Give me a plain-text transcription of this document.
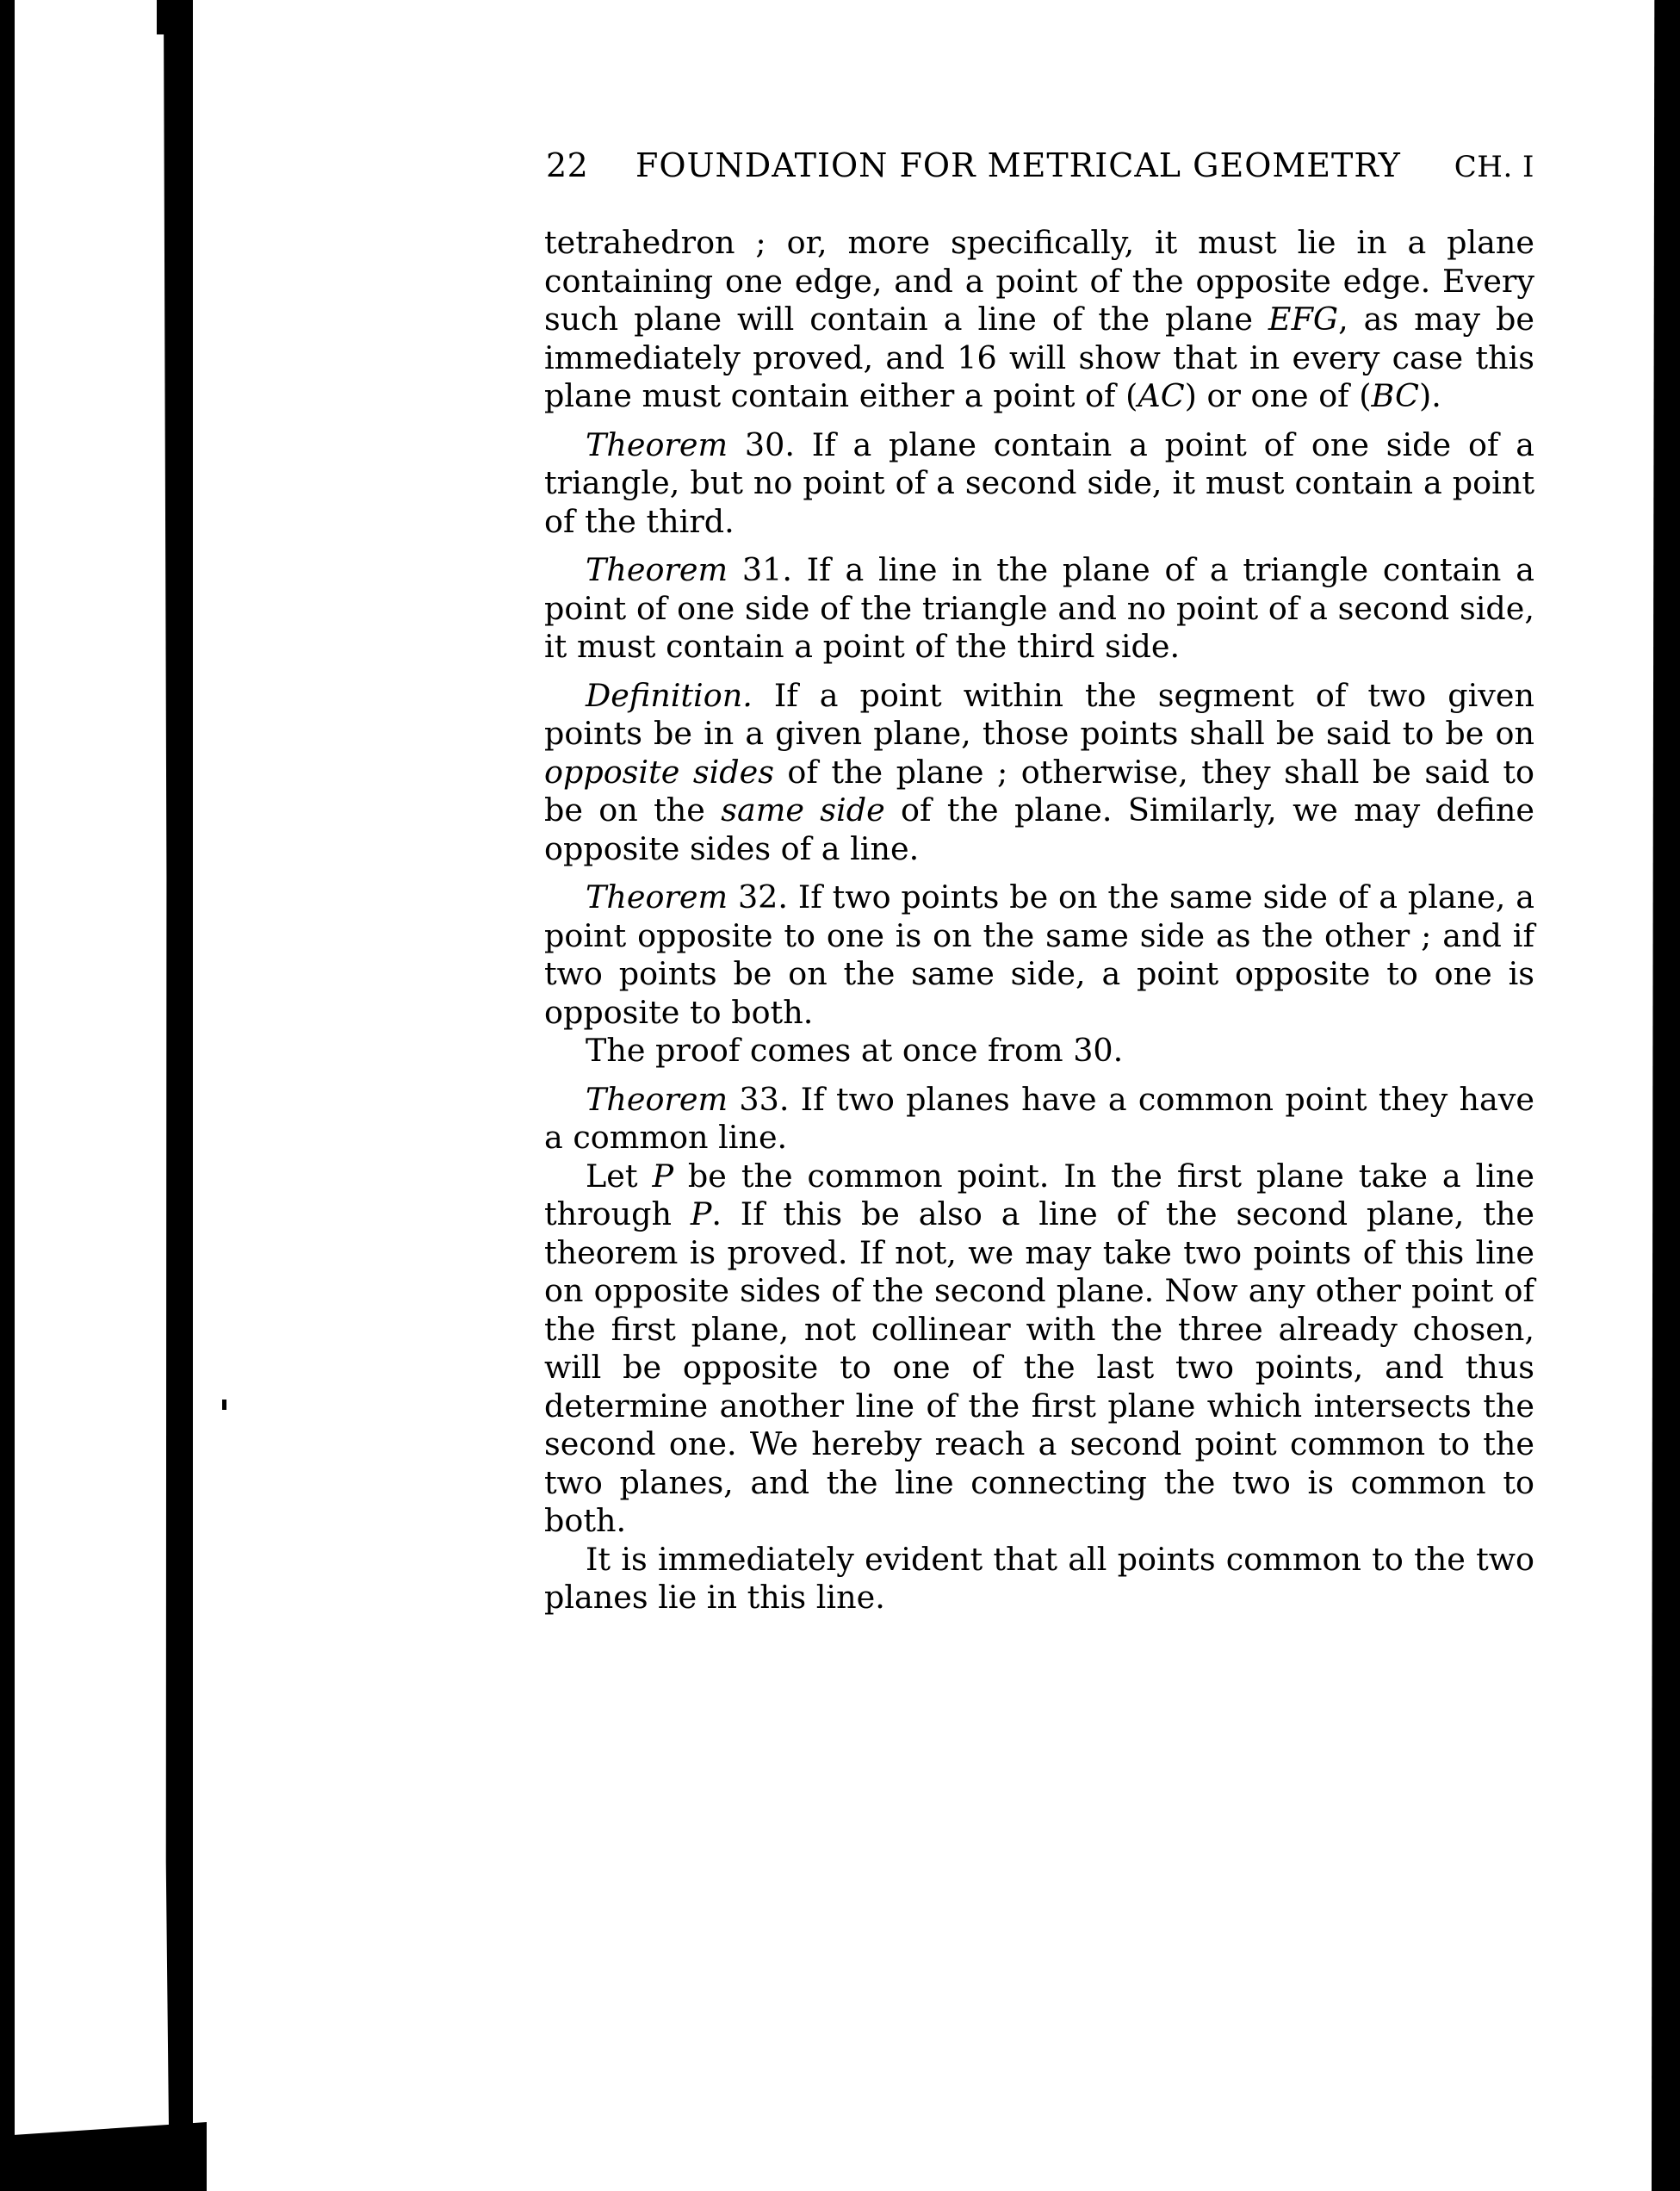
22 FOUNDATION FOR METRICAL GEOMETRY CH. I

tetrahedron ; or, more specifically, it must lie in a plane containing one edge, and a point of the opposite edge. Every such plane will contain a line of the plane EFG, as may be immediately proved, and 16 will show that in every case this plane must contain either a point of (AC) or one of (BC).

Theorem 30. If a plane contain a point of one side of a triangle, but no point of a second side, it must contain a point of the third.

Theorem 31. If a line in the plane of a triangle contain a point of one side of the triangle and no point of a second side, it must contain a point of the third side.

Definition. If a point within the segment of two given points be in a given plane, those points shall be said to be on opposite sides of the plane ; otherwise, they shall be said to be on the same side of the plane. Similarly, we may define opposite sides of a line.

Theorem 32. If two points be on the same side of a plane, a point opposite to one is on the same side as the other ; and if two points be on the same side, a point opposite to one is opposite to both.

The proof comes at once from 30.

Theorem 33. If two planes have a common point they have a common line.

Let P be the common point. In the first plane take a line through P. If this be also a line of the second plane, the theorem is proved. If not, we may take two points of this line on opposite sides of the second plane. Now any other point of the first plane, not collinear with the three already chosen, will be opposite to one of the last two points, and thus determine another line of the first plane which intersects the second one. We hereby reach a second point common to the two planes, and the line connecting the two is common to both.

It is immediately evident that all points common to the two planes lie in this line.
